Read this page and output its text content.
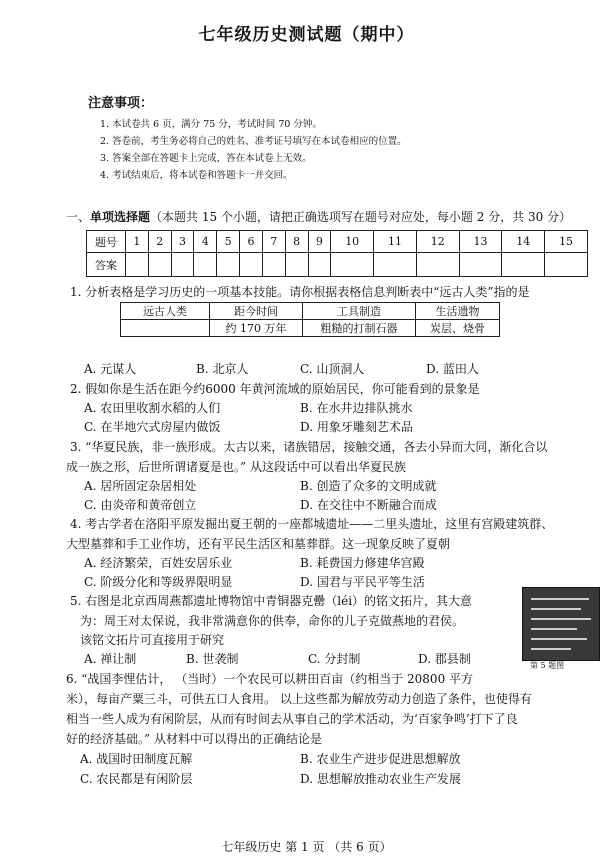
七年级历史测试题（期中）
注意事项：
1. 本试卷共 6 页，满分 75 分，考试时间 70 分钟。
2. 答卷前，考生务必将自己的姓名、准考证号填写在本试卷相应的位置。
3. 答案全部在答题卡上完成，答在本试卷上无效。
4. 考试结束后，将本试卷和答题卡一并交回。
一、单项选择题（本题共 15 个小题，请把正确选项写在题号对应处，每小题 2 分，共 30 分）
题号	1	2	3	4	5	6	7	8	9	10	11	12	13	14	15
答案															
1. 分析表格是学习历史的一项基本技能。请你根据表格信息判断表中“远古人类”指的是
远古人类	距今时间	工具制造	生活遗物
	约 170 万年	粗糙的打制石器	炭层、烧骨
A. 元谋人	B. 北京人	C. 山顶洞人	D. 蓝田人
2. 假如你是生活在距今约6000 年黄河流域的原始居民，你可能看到的景象是
A. 农田里收割水稻的人们	B. 在水井边排队挑水
C. 在半地穴式房屋内做饭	D. 用象牙雕刻艺术品
3. “华夏民族，非一族形成。太古以来，诸族错居，接触交通，各去小异而大同，渐化合以
成一族之形，后世所谓诸夏是也。” 从这段话中可以看出华夏民族
A. 居所固定杂居相处	B. 创造了众多的文明成就
C. 由炎帝和黄帝创立	D. 在交往中不断融合而成
4. 考古学者在洛阳平原发掘出夏王朝的一座都城遗址——二里头遗址，这里有宫殿建筑群、
大型墓葬和手工业作坊，还有平民生活区和墓葬群。这一现象反映了夏朝
A. 经济繁荣，百姓安居乐业	B. 耗费国力修建华宫殿
C. 阶级分化和等级界限明显	D. 国君与平民平等生活
5. 右图是北京西周燕都遗址博物馆中青铜器克罍（léi）的铭文拓片，其大意
为：周王对太保说，我非常满意你的供奉，命你的儿子克做燕地的君侯。
该铭文拓片可直接用于研究
第 5 题图
A. 禅让制	B. 世袭制	C. 分封制	D. 郡县制
6. “战国李悝估计， （当时）一个农民可以耕田百亩（约相当于 20800 平方
米），每亩产粟三斗，可供五口人食用。 以上这些都为解放劳动力创造了条件，也使得有
相当一些人成为有闲阶层，从而有时间去从事自己的学术活动，为‘百家争鸣’打下了良
好的经济基础。” 从材料中可以得出的正确结论是
A. 战国时田制度瓦解	B. 农业生产进步促进思想解放
C. 农民都是有闲阶层	D. 思想解放推动农业生产发展
七年级历史 第 1 页 （共 6 页）
